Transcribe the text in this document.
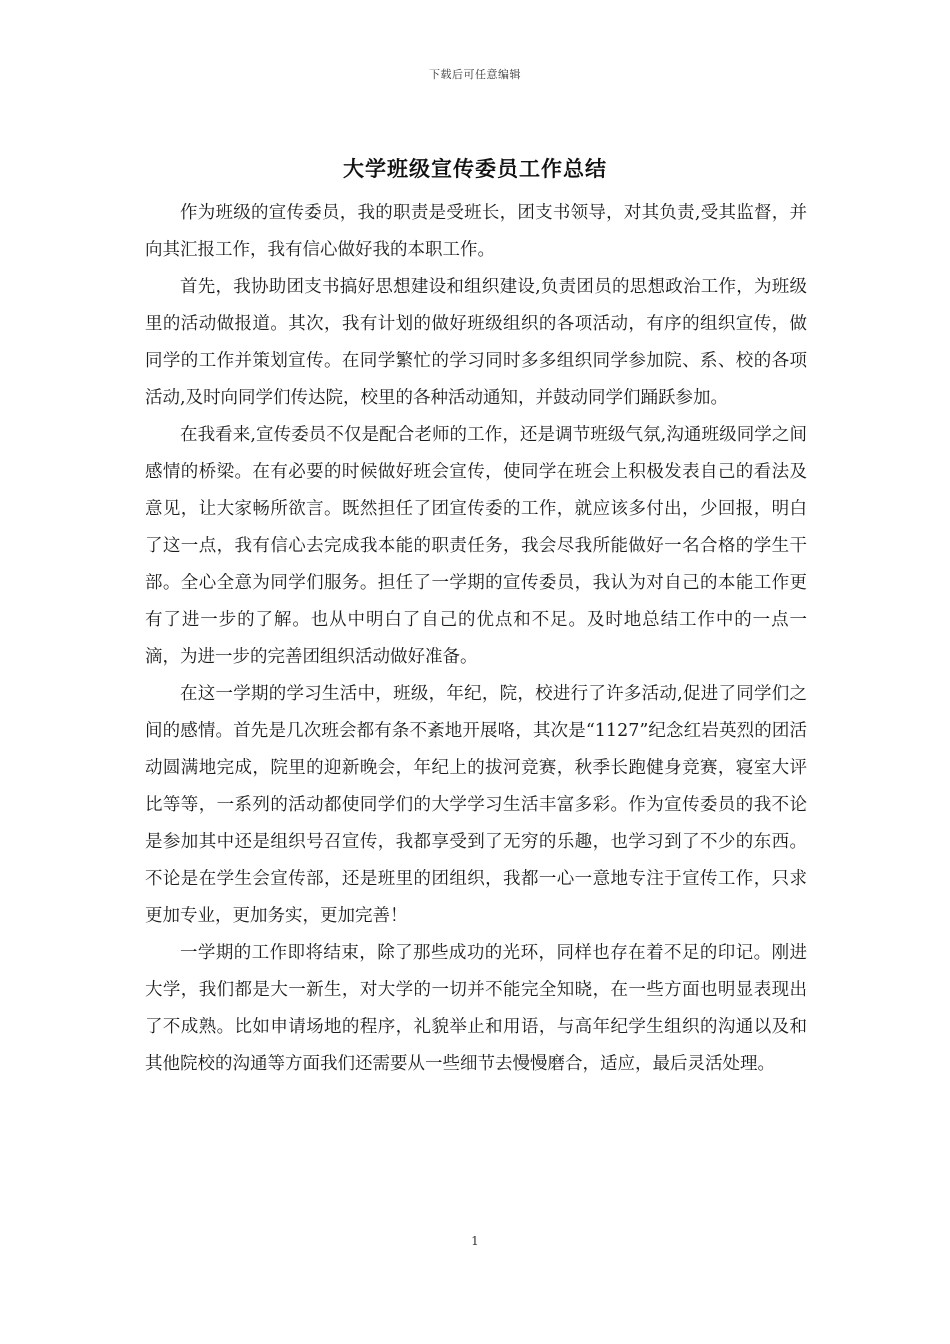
下载后可任意编辑
大学班级宣传委员工作总结

作为班级的宣传委员，我的职责是受班长，团支书领导，对其负责,受其监督，并向其汇报工作，我有信心做好我的本职工作。

首先，我协助团支书搞好思想建设和组织建设,负责团员的思想政治工作，为班级里的活动做报道。其次，我有计划的做好班级组织的各项活动，有序的组织宣传，做同学的工作并策划宣传。在同学繁忙的学习同时多多组织同学参加院、系、校的各项活动,及时向同学们传达院，校里的各种活动通知，并鼓动同学们踊跃参加。

在我看来,宣传委员不仅是配合老师的工作，还是调节班级气氛,沟通班级同学之间感情的桥梁。在有必要的时候做好班会宣传，使同学在班会上积极发表自己的看法及意见，让大家畅所欲言。既然担任了团宣传委的工作，就应该多付出，少回报，明白了这一点，我有信心去完成我本能的职责任务，我会尽我所能做好一名合格的学生干部。全心全意为同学们服务。担任了一学期的宣传委员，我认为对自己的本能工作更有了进一步的了解。也从中明白了自己的优点和不足。及时地总结工作中的一点一滴，为进一步的完善团组织活动做好准备。

在这一学期的学习生活中，班级，年纪，院，校进行了许多活动,促进了同学们之间的感情。首先是几次班会都有条不紊地开展咯，其次是“1127”纪念红岩英烈的团活动圆满地完成，院里的迎新晚会，年纪上的拔河竞赛，秋季长跑健身竞赛，寝室大评比等等，一系列的活动都使同学们的大学学习生活丰富多彩。作为宣传委员的我不论是参加其中还是组织号召宣传，我都享受到了无穷的乐趣，也学习到了不少的东西。不论是在学生会宣传部，还是班里的团组织，我都一心一意地专注于宣传工作，只求更加专业，更加务实，更加完善！

一学期的工作即将结束，除了那些成功的光环，同样也存在着不足的印记。刚进大学，我们都是大一新生，对大学的一切并不能完全知晓，在一些方面也明显表现出了不成熟。比如申请场地的程序，礼貌举止和用语，与高年纪学生组织的沟通以及和其他院校的沟通等方面我们还需要从一些细节去慢慢磨合，适应，最后灵活处理。

1
